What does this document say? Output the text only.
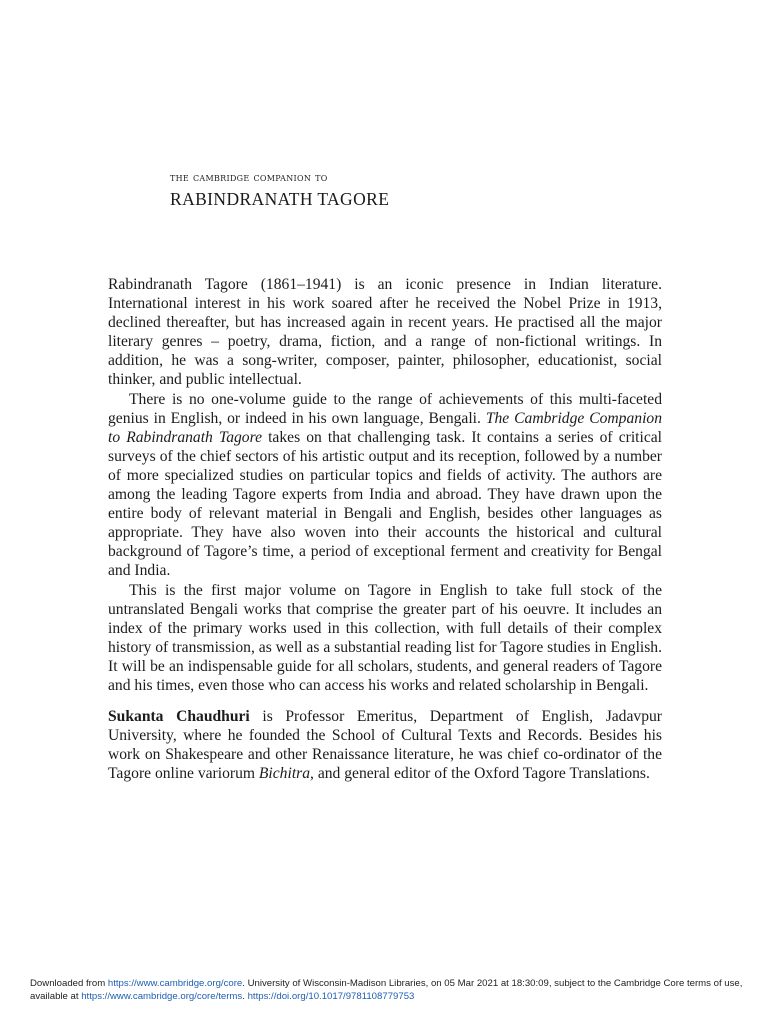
the cambridge companion to
RABINDRANATH TAGORE

Rabindranath Tagore (1861–1941) is an iconic presence in Indian literature. International interest in his work soared after he received the Nobel Prize in 1913, declined thereafter, but has increased again in recent years. He practised all the major literary genres – poetry, drama, fiction, and a range of non-fictional writings. In addition, he was a song-writer, composer, painter, philosopher, educationist, social thinker, and public intellectual.

There is no one-volume guide to the range of achievements of this multi-faceted genius in English, or indeed in his own language, Bengali. The Cambridge Companion to Rabindranath Tagore takes on that challenging task. It contains a series of critical surveys of the chief sectors of his artistic output and its reception, followed by a number of more specialized studies on particular topics and fields of activity. The authors are among the leading Tagore experts from India and abroad. They have drawn upon the entire body of relevant material in Bengali and English, besides other languages as appropriate. They have also woven into their accounts the historical and cultural background of Tagore’s time, a period of exceptional ferment and creativity for Bengal and India.

This is the first major volume on Tagore in English to take full stock of the untranslated Bengali works that comprise the greater part of his oeuvre. It includes an index of the primary works used in this collection, with full details of their complex history of transmission, as well as a substantial reading list for Tagore studies in English. It will be an indispensable guide for all scholars, students, and general readers of Tagore and his times, even those who can access his works and related scholarship in Bengali.

Sukanta Chaudhuri is Professor Emeritus, Department of English, Jadavpur University, where he founded the School of Cultural Texts and Records. Besides his work on Shakespeare and other Renaissance literature, he was chief co-ordinator of the Tagore online variorum Bichitra, and general editor of the Oxford Tagore Translations.

Downloaded from https://www.cambridge.org/core. University of Wisconsin-Madison Libraries, on 05 Mar 2021 at 18:30:09, subject to the Cambridge Core terms of use, available at https://www.cambridge.org/core/terms. https://doi.org/10.1017/9781108779753
